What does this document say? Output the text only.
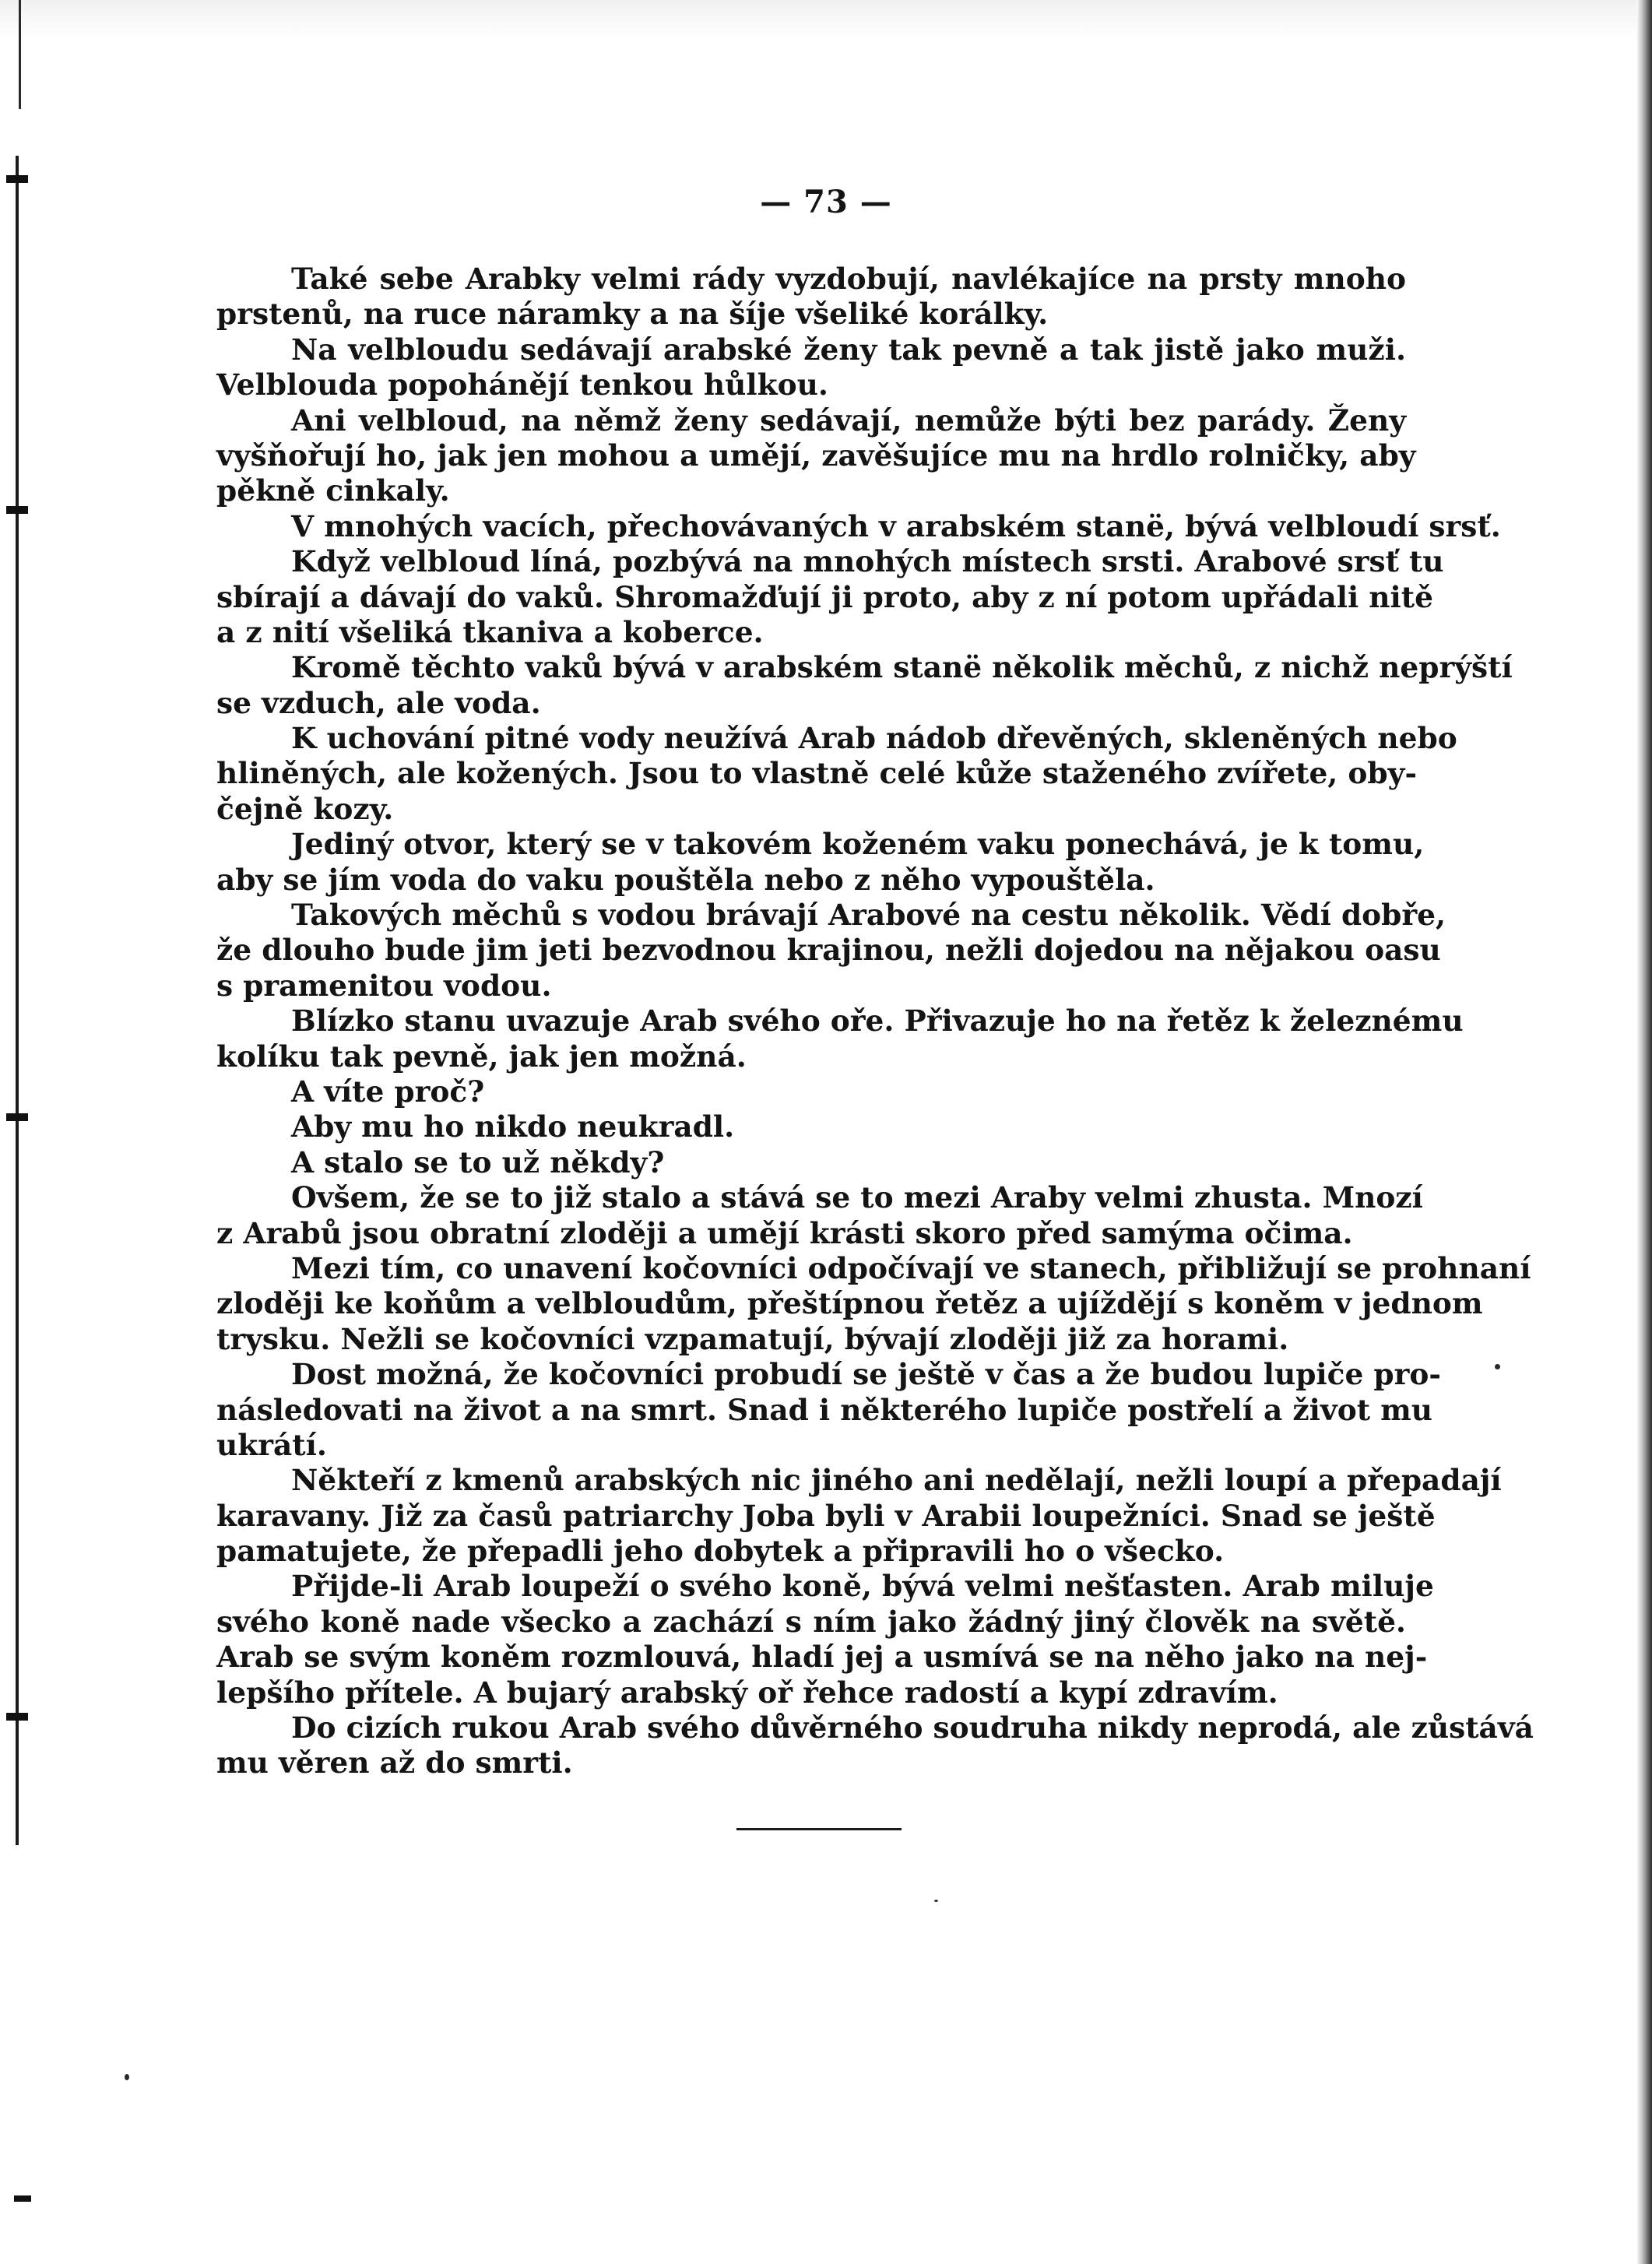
— 73 —
Také sebe Arabky velmi rády vyzdobují, navlékajíce na prsty mnoho
prstenů, na ruce náramky a na šíje všeliké korálky.
Na velbloudu sedávají arabské ženy tak pevně a tak jistě jako muži.
Velblouda popohánějí tenkou hůlkou.
Ani velbloud, na němž ženy sedávají, nemůže býti bez parády. Ženy
vyšňořují ho, jak jen mohou a umějí, zavěšujíce mu na hrdlo rolničky, aby
pěkně cinkaly.
V mnohých vacích, přechovávaných v arabském stanë, bývá velbloudí srsť.
Když velbloud líná, pozbývá na mnohých místech srsti. Arabové srsť tu
sbírají a dávají do vaků. Shromažďují ji proto, aby z ní potom upřádali nitě
a z nití všeliká tkaniva a koberce.
Kromě těchto vaků bývá v arabském stanë několik měchů, z nichž neprýští
se vzduch, ale voda.
K uchování pitné vody neužívá Arab nádob dřevěných, skleněných nebo
hliněných, ale kožených. Jsou to vlastně celé kůže staženého zvířete, oby-
čejně kozy.
Jediný otvor, který se v takovém koženém vaku ponechává, je k tomu,
aby se jím voda do vaku pouštěla nebo z něho vypouštěla.
Takových měchů s vodou brávají Arabové na cestu několik. Vědí dobře,
že dlouho bude jim jeti bezvodnou krajinou, nežli dojedou na nějakou oasu
s pramenitou vodou.
Blízko stanu uvazuje Arab svého oře. Přivazuje ho na řetěz k železnému
kolíku tak pevně, jak jen možná.
A víte proč?
Aby mu ho nikdo neukradl.
A stalo se to už někdy?
Ovšem, že se to již stalo a stává se to mezi Araby velmi zhusta. Mnozí
z Arabů jsou obratní zloději a umějí krásti skoro před samýma očima.
Mezi tím, co unavení kočovníci odpočívají ve stanech, přibližují se prohnaní
zloději ke koňům a velbloudům, přeštípnou řetěz a ujíždějí s koněm v jednom
trysku. Nežli se kočovníci vzpamatují, bývají zloději již za horami.
Dost možná, že kočovníci probudí se ještě v čas a že budou lupiče pro-
následovati na život a na smrt. Snad i některého lupiče postřelí a život mu
ukrátí.
Někteří z kmenů arabských nic jiného ani nedělají, nežli loupí a přepadají
karavany. Již za časů patriarchy Joba byli v Arabii loupežníci. Snad se ještě
pamatujete, že přepadli jeho dobytek a připravili ho o všecko.
Přijde-li Arab loupeží o svého koně, bývá velmi nešťasten. Arab miluje
svého koně nade všecko a zachází s ním jako žádný jiný člověk na světě.
Arab se svým koněm rozmlouvá, hladí jej a usmívá se na něho jako na nej-
lepšího přítele. A bujarý arabský oř řehce radostí a kypí zdravím.
Do cizích rukou Arab svého důvěrného soudruha nikdy neprodá, ale zůstává
mu věren až do smrti.
